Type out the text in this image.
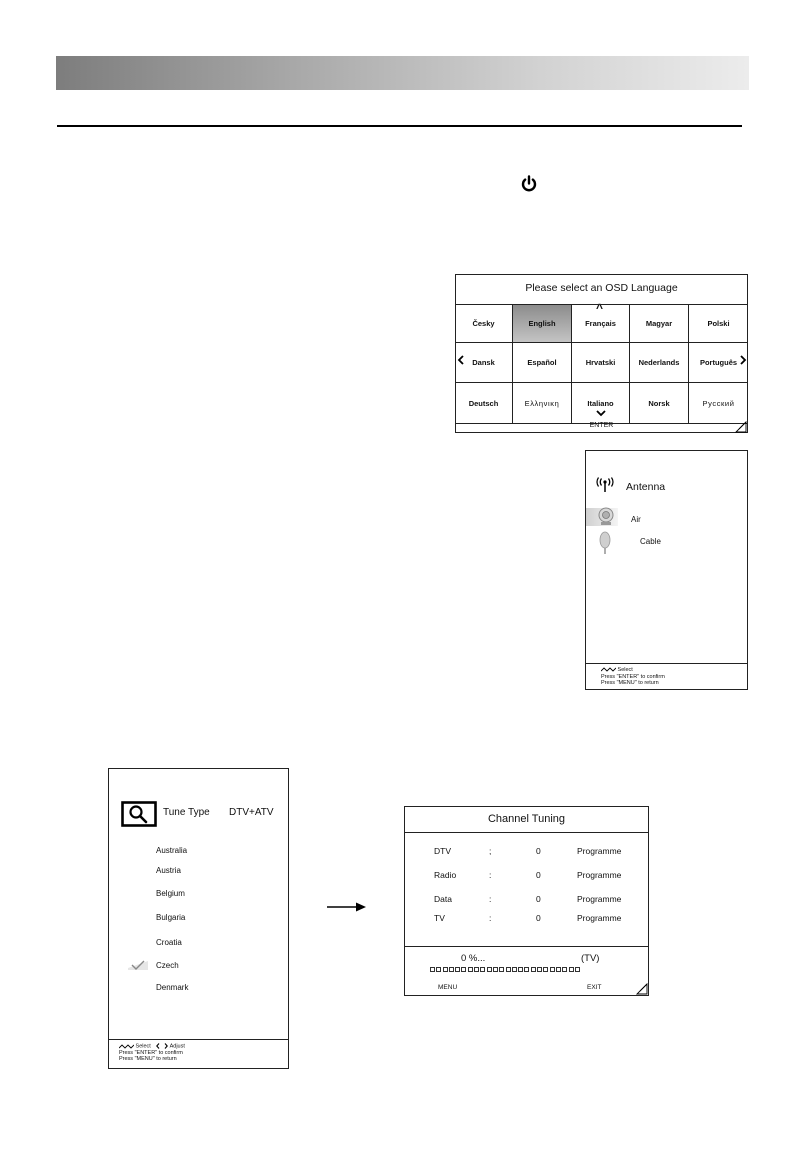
Please select an OSD Language
^
Česky	English	Français	Magyar	Polski
Dansk	Español	Hrvatski	Nederlands	Português
Deutsch	Ελληνικη	Italiano	Norsk	Русский
ENTER
Antenna
Air
Cable
Select
Press "ENTER" to confirm
Press "MENU" to return
Tune Type DTV+ATV
Australia
Austria
Belgium
Bulgaria
Croatia
Czech
Denmark
Select	Adjust
Press "ENTER" to confirm
Press "MENU" to return
Channel Tuning
DTV	;	0	Programme
Radio	:	0	Programme
Data	:	0	Programme
TV	:	0	Programme
0 %...	(TV)
MENU	EXIT
